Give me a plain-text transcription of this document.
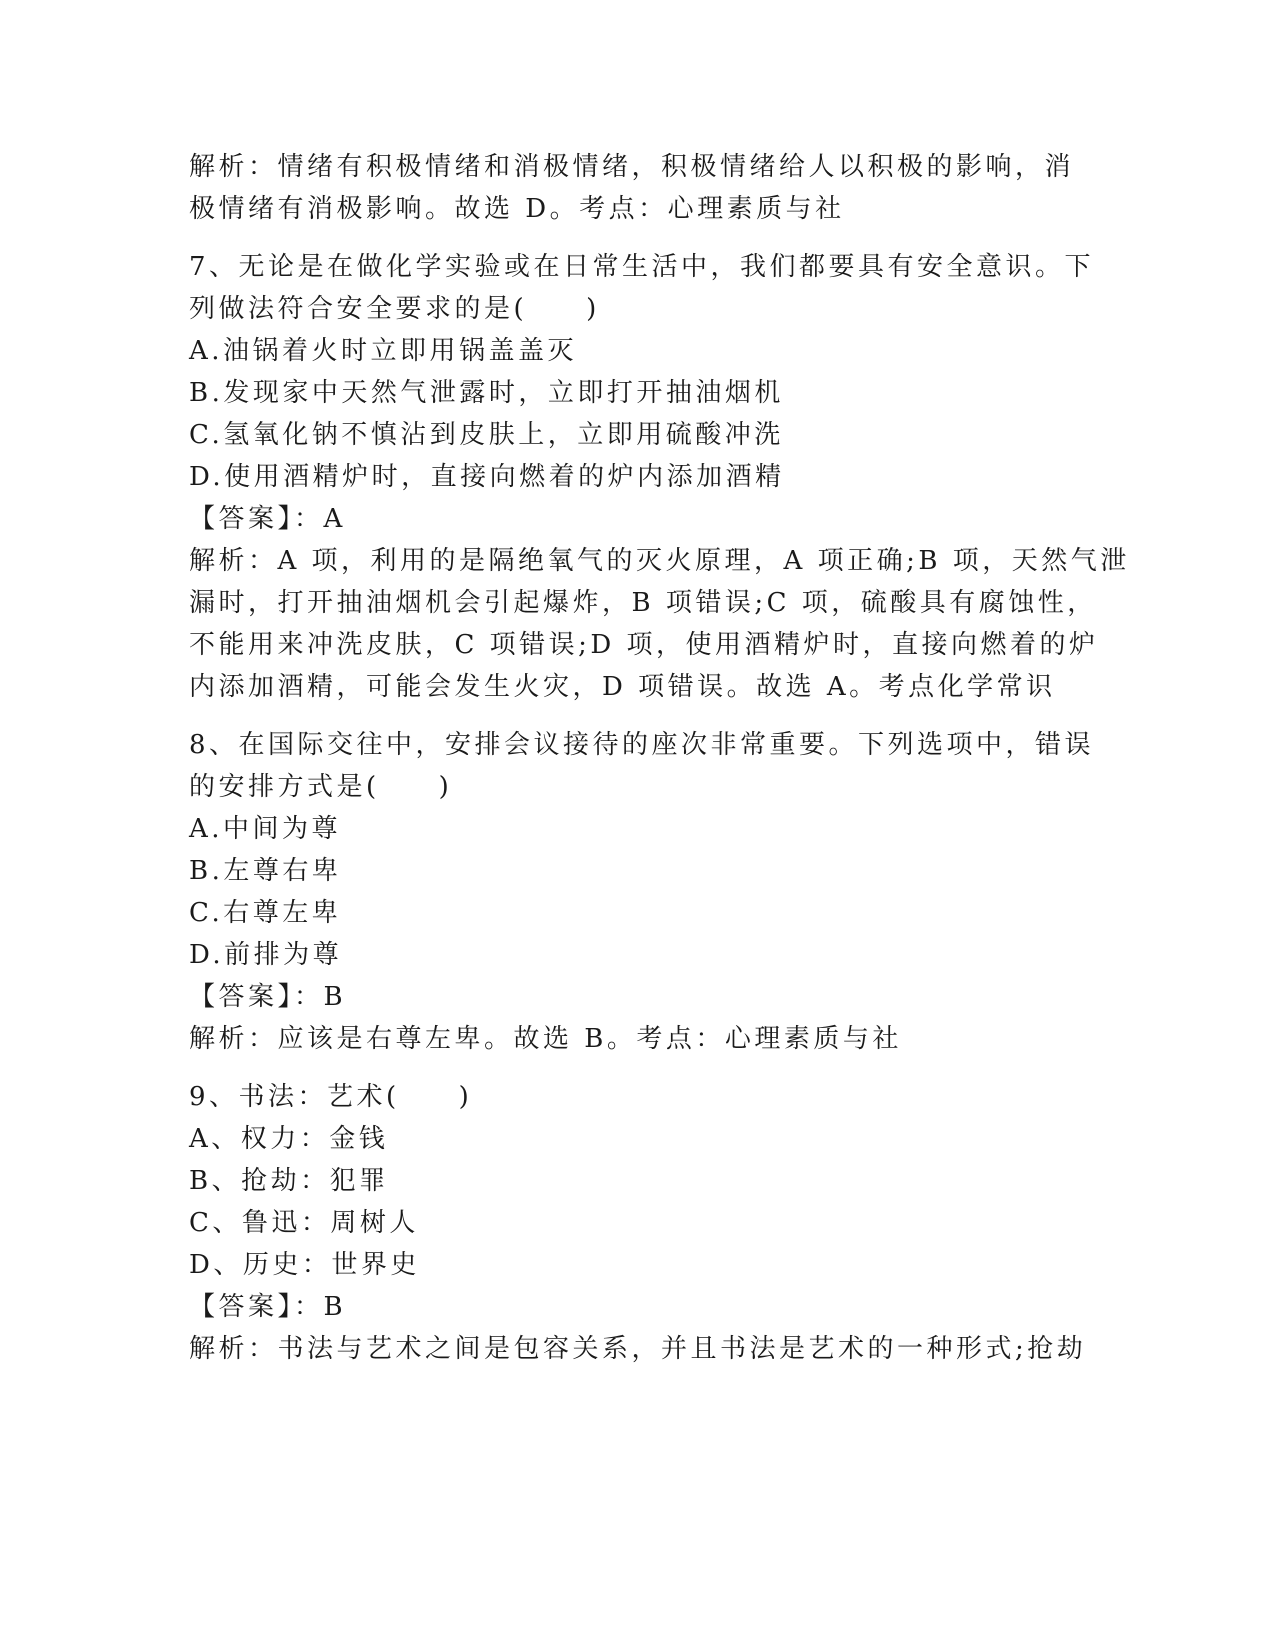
解析：情绪有积极情绪和消极情绪，积极情绪给人以积极的影响，消
极情绪有消极影响。故选 D。考点：心理素质与社
7、无论是在做化学实验或在日常生活中，我们都要具有安全意识。下
列做法符合安全要求的是(　　)
A.油锅着火时立即用锅盖盖灭
B.发现家中天然气泄露时，立即打开抽油烟机
C.氢氧化钠不慎沾到皮肤上，立即用硫酸冲洗
D.使用酒精炉时，直接向燃着的炉内添加酒精
【答案】：A
解析：A 项，利用的是隔绝氧气的灭火原理，A 项正确;B 项，天然气泄
漏时，打开抽油烟机会引起爆炸，B 项错误;C 项，硫酸具有腐蚀性，
不能用来冲洗皮肤，C 项错误;D 项，使用酒精炉时，直接向燃着的炉
内添加酒精，可能会发生火灾，D 项错误。故选 A。考点化学常识
8、在国际交往中，安排会议接待的座次非常重要。下列选项中，错误
的安排方式是(　　)
A.中间为尊
B.左尊右卑
C.右尊左卑
D.前排为尊
【答案】：B
解析：应该是右尊左卑。故选 B。考点：心理素质与社
9、书法：艺术(　　)
A、权力：金钱
B、抢劫：犯罪
C、鲁迅：周树人
D、历史：世界史
【答案】：B
解析：书法与艺术之间是包容关系，并且书法是艺术的一种形式;抢劫
